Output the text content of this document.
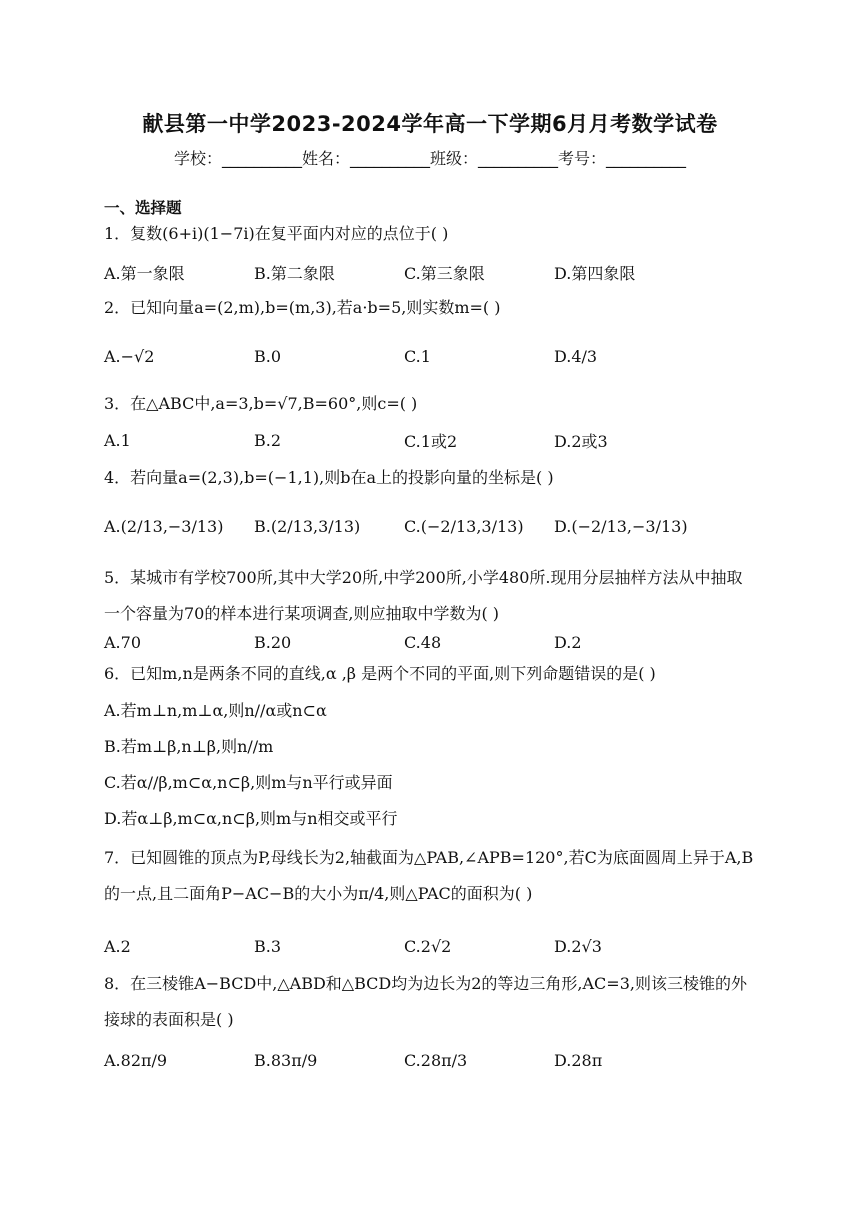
献县第一中学2023-2024学年高一下学期6月月考数学试卷
学校：__________姓名：__________班级：__________考号：__________
一、选择题
1．复数(6+i)(1−7i)在复平面内对应的点位于( )
A.第一象限	B.第二象限	C.第三象限	D.第四象限
2．已知向量a=(2,m),b=(m,3),若a·b=5,则实数m=( )
A.−√2	B.0	C.1	D.4/3
3．在△ABC中,a=3,b=√7,B=60°,则c=( )
A.1	B.2	C.1或2	D.2或3
4．若向量a=(2,3),b=(−1,1),则b在a上的投影向量的坐标是( )
A.(2/13,−3/13) B.(2/13,3/13)	C.(−2/13,3/13) D.(−2/13,−3/13)
5．某城市有学校700所,其中大学20所,中学200所,小学480所.现用分层抽样方法从中抽取一个容量为70的样本进行某项调查,则应抽取中学数为( )
A.70	B.20	C.48	D.2
6．已知m,n是两条不同的直线,α ,β 是两个不同的平面,则下列命题错误的是( )
A.若m⊥n,m⊥α,则n//α或n⊂α
B.若m⊥β,n⊥β,则n//m
C.若α//β,m⊂α,n⊂β,则m与n平行或异面
D.若α⊥β,m⊂α,n⊂β,则m与n相交或平行
7．已知圆锥的顶点为P,母线长为2,轴截面为△PAB,∠APB=120°,若C为底面圆周上异于A,B的一点,且二面角P−AC−B的大小为π/4,则△PAC的面积为( )
A.2	B.3	C.2√2	D.2√3
8．在三棱锥A−BCD中,△ABD和△BCD均为边长为2的等边三角形,AC=3,则该三棱锥的外接球的表面积是( )
A.82π/9	B.83π/9	C.28π/3	D.28π
